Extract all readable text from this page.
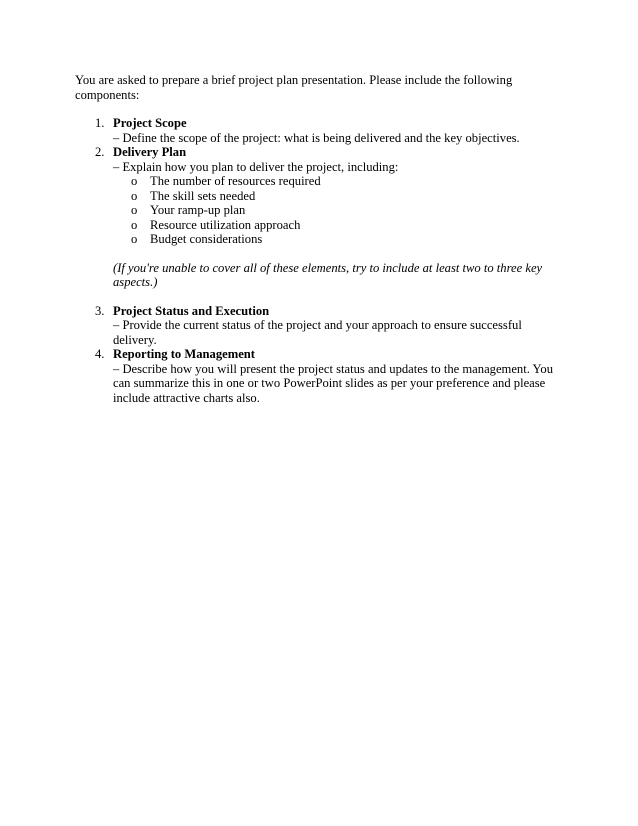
You are asked to prepare a brief project plan presentation. Please include the following components:

1. Project Scope
– Define the scope of the project: what is being delivered and the key objectives.
2. Delivery Plan
– Explain how you plan to deliver the project, including:
o The number of resources required
o The skill sets needed
o Your ramp-up plan
o Resource utilization approach
o Budget considerations

(If you're unable to cover all of these elements, try to include at least two to three key aspects.)

3. Project Status and Execution
– Provide the current status of the project and your approach to ensure successful delivery.
4. Reporting to Management
– Describe how you will present the project status and updates to the management. You can summarize this in one or two PowerPoint slides as per your preference and please include attractive charts also.
